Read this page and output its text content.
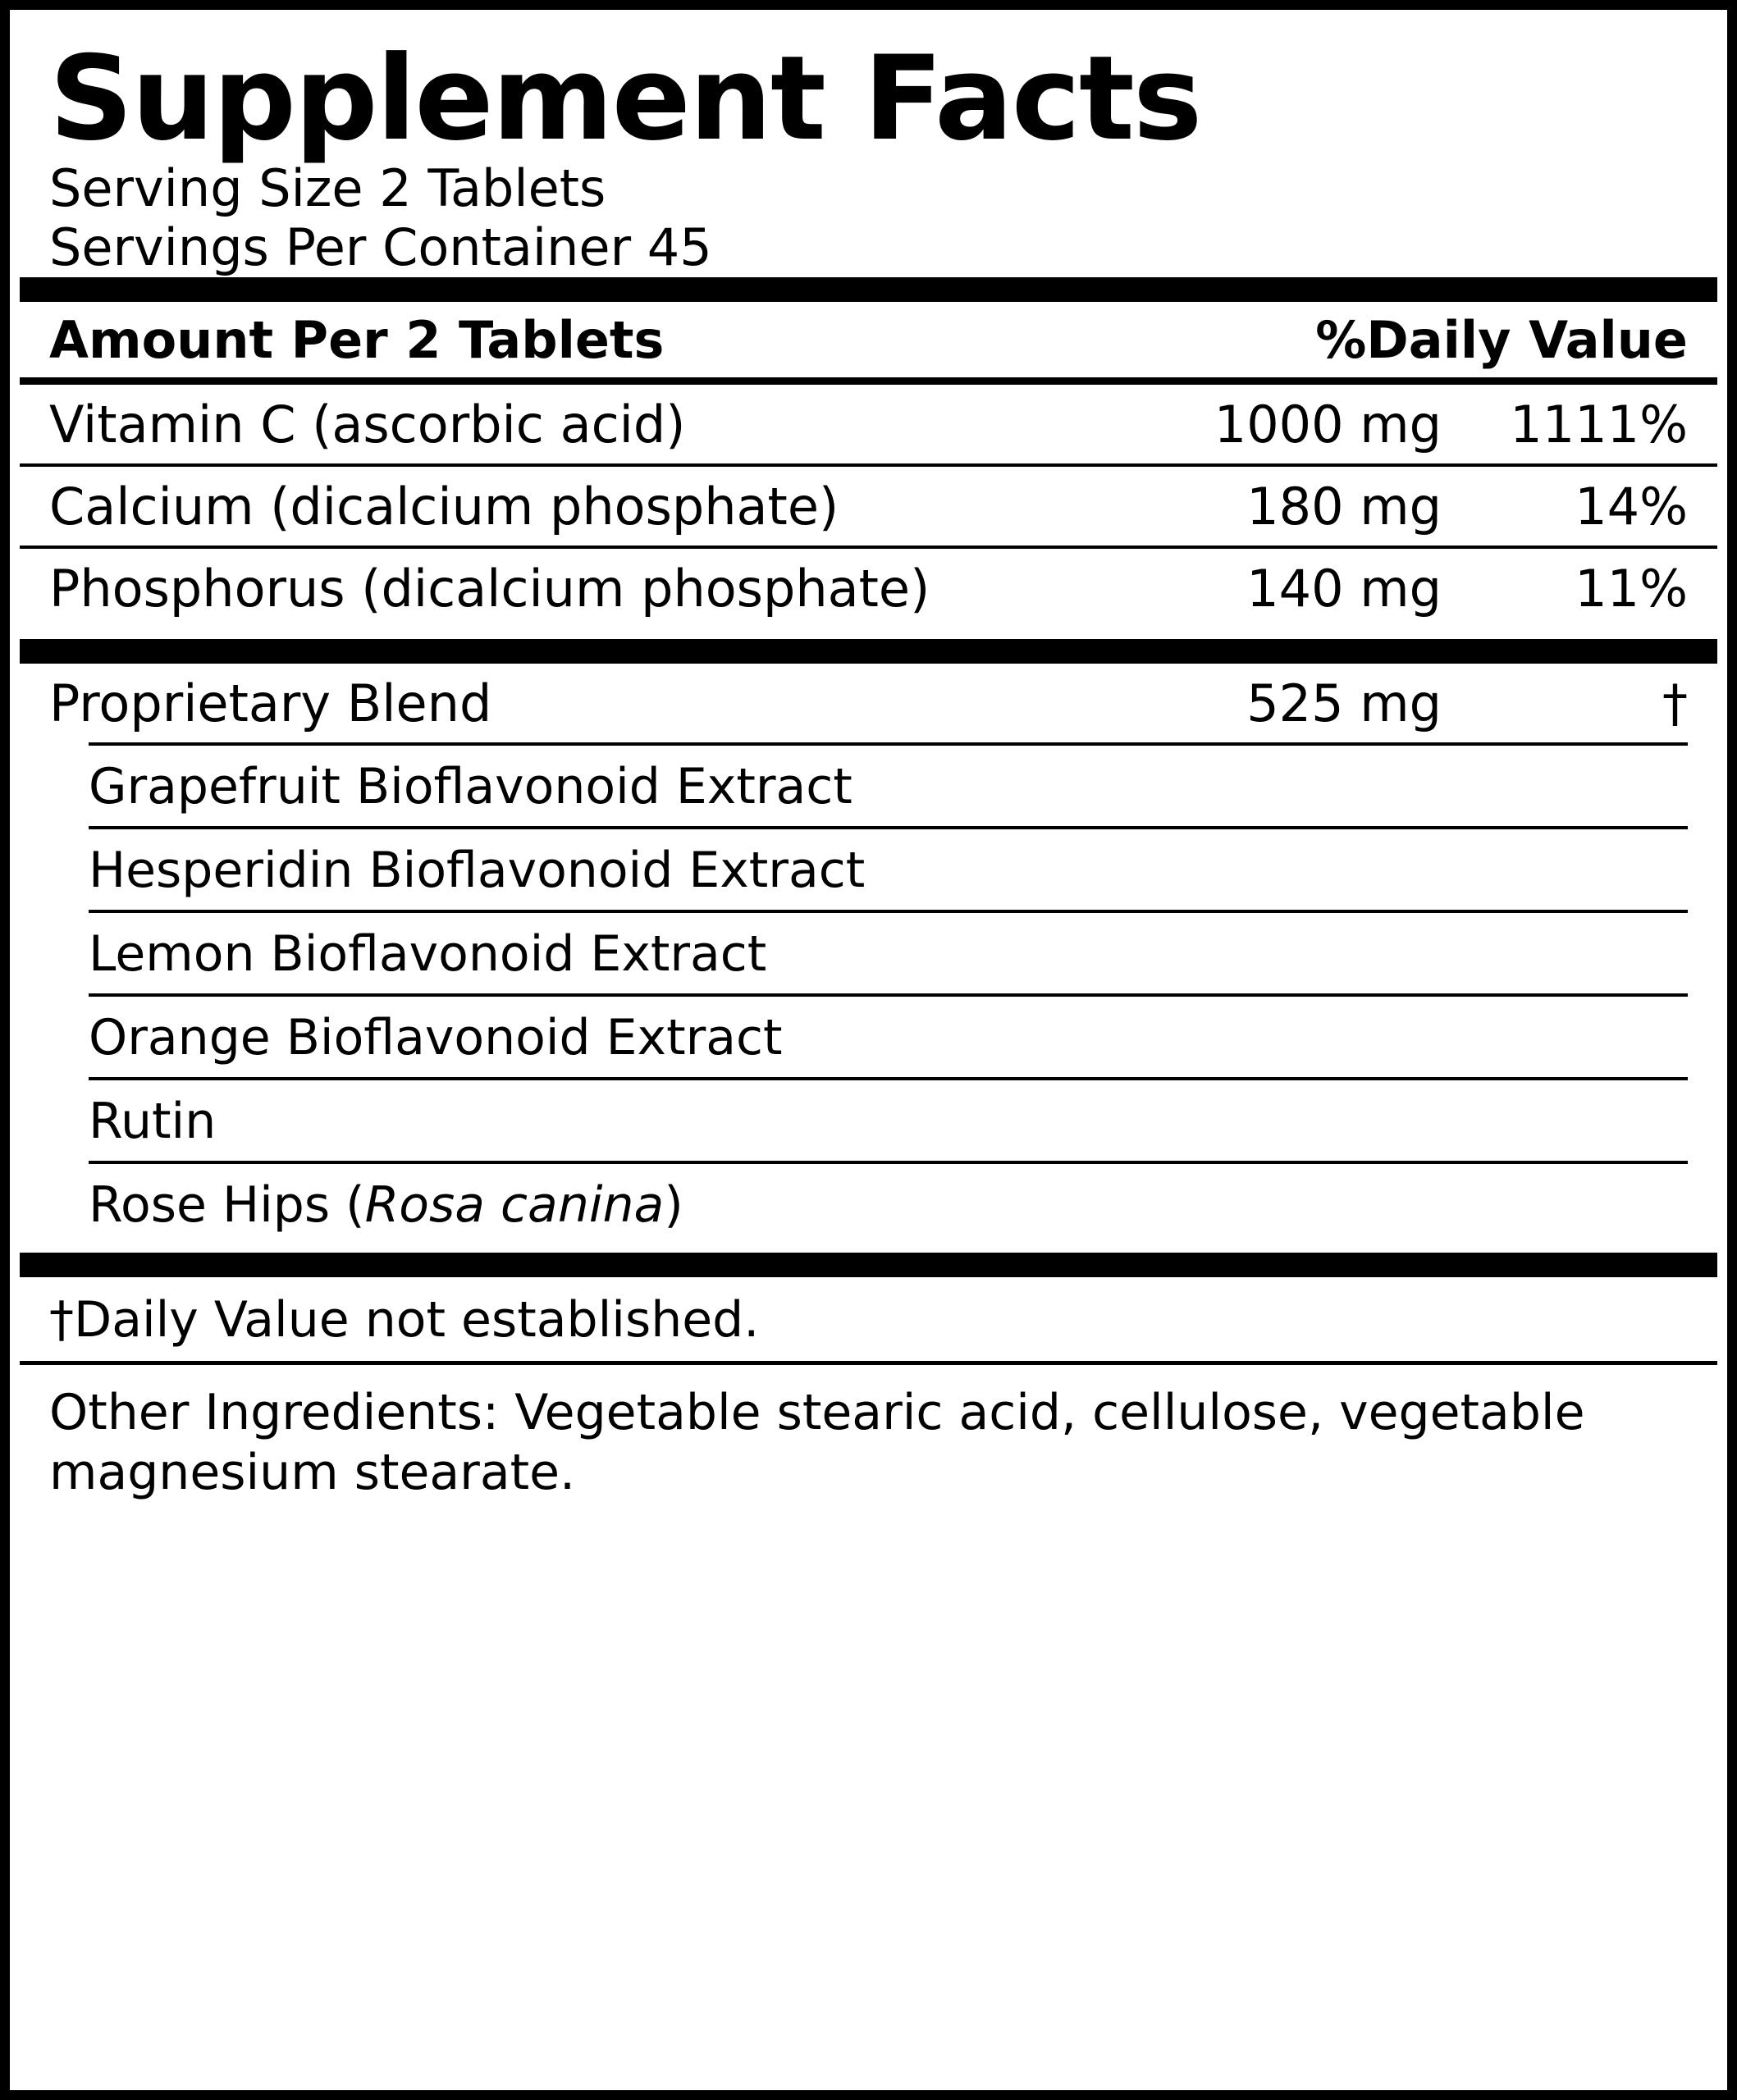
Supplement Facts
Serving Size 2 Tablets
Servings Per Container 45
Amount Per 2 Tablets	%Daily Value
Vitamin C (ascorbic acid)	1000 mg	1111%
Calcium (dicalcium phosphate)	180 mg	14%
Phosphorus (dicalcium phosphate)	140 mg	11%
Proprietary Blend	525 mg	†
Grapefruit Bioflavonoid Extract
Hesperidin Bioflavonoid Extract
Lemon Bioflavonoid Extract
Orange Bioflavonoid Extract
Rutin
Rose Hips (Rosa canina)
†Daily Value not established.
Other Ingredients: Vegetable stearic acid, cellulose, vegetable magnesium stearate.
